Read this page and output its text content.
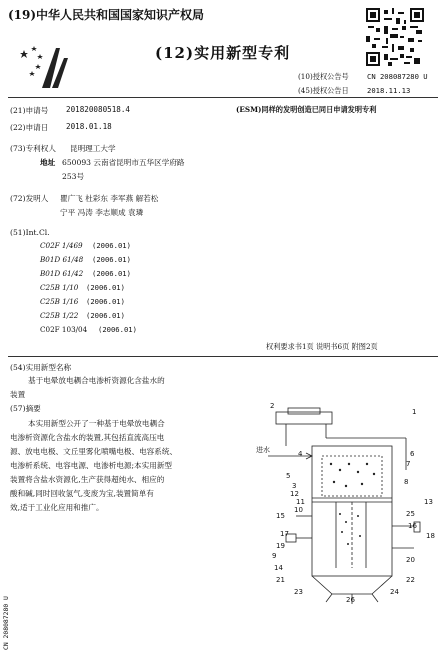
(19)中华人民共和国国家知识产权局
(12)实用新型专利
(10)授权公告号	CN 208087280 U
(45)授权公告日	2018.11.13
(21)申请号 201820080518.4
(22)申请日 2018.01.18
(73)专利权人 昆明理工大学
地址 650093 云南省昆明市五华区学府路
253号
(72)发明人 瞿广飞 杜彩东 李军燕 解若松
宁平 冯涛 李志顺成 袁璘
(51)Int.Cl.
C02F 1/469 (2006.01)
B01D 61/48 (2006.01)
B01D 61/42 (2006.01)
C25B 1/10 (2006.01)
C25B 1/16 (2006.01)
C25B 1/22 (2006.01)
C02F 103/04 (2006.01)
(ESM)同样的发明创造已同日申请发明专利
权利要求书1页 说明书6页 附图2页
(54)实用新型名称
基于电晕放电耦合电渗析资源化含盐水的
装置
(57)摘要
本实用新型公开了一种基于电晕放电耦合
电渗析资源化含盐水的装置,其包括直流高压电
源、放电电极、文丘里雾化喷嘴电极、电容系统、
电渗析系统、电容电源、电渗析电源;本实用新型
装置将含盐水资源化,生产获得超纯水、相应的
酸和碱,同时回收氢气,变废为宝,装置简单有
效,适于工业化应用和推广。
CN 208087280 U
进水
2
4
5
3
12
11
10
15
17
19
9
14
21
23
1
6
7
8
13
25
16
18
20
22
24
26
